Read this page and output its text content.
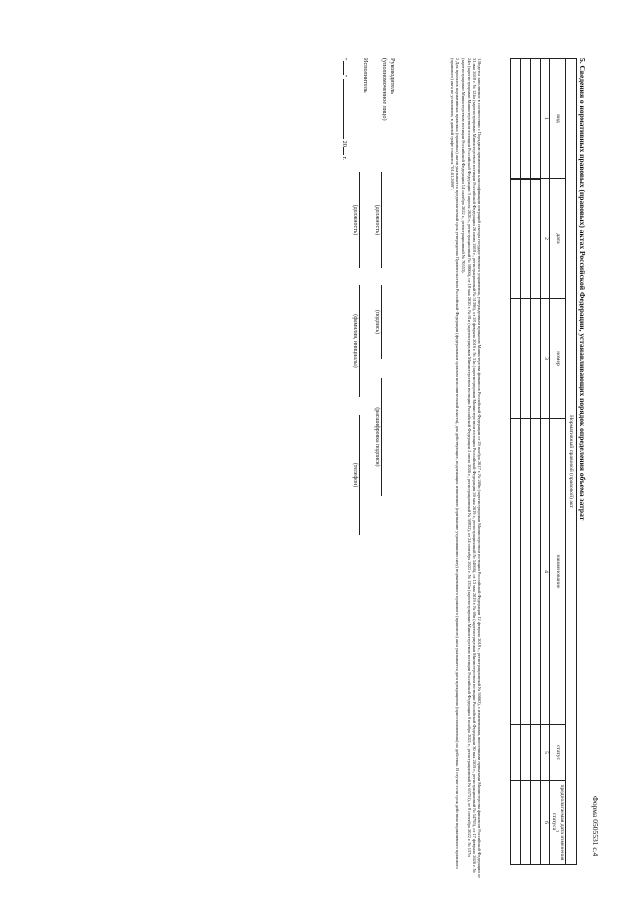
Форма 0505531 с.4
5. Сведения о нормативных правовых (правовых) актах Российской Федерации, устанавливающих порядок определения объема затрат
Нормативный правовой (правовой) акт					
вид	дата	номер	наименование	статус	предполагаемая дата изменения статуса$^3$
1	2	3	4	5	6

1 Ведется заполнение в соответствии с Порядком применения классификации операций сектора государственного управления, утвержденным приказом Министерства финансов Российской Федерации от 29 ноября 2017 г. № 209н (зарегистрирован Министерством юстиции Российской Федерации 12 февраля 2018 г., регистрационный № 50003), с изменениями, внесенными приказами Министерства финансов Российской Федерации от 31 мая 2018 г. № 124н (зарегистрирован Министерством юстиции Российской Федерации 20 июня 2018 г., регистрационный № 51396), от 28 февраля 2019 г. № 31н (зарегистрирован Министерством юстиции Российской Федерации 20 мая 2019 г., регистрационный № 54666), от 13 мая 2019 г. № 69н (зарегистрирован Министерством юстиции Российской Федерации 30 мая 2019 г., регистрационный № 54795), от 17 февраля 2020 г. № 24н (зарегистрирован Министерством юстиции Российской Федерации 3 апреля 2020 г., регистрационный № 58000), от 18 мая 2020 г. № 81н (зарегистрирован Министерством юстиции Российской Федерации 2 июля 2020 г., регистрационный № 58832), от 24 сентября 2021 г. № 135н (зарегистрирован Министерством юстиции Российской Федерации 9 ноября 2021 г., регистрационный № 65751), от 8 сентября 2022 г. № 137н (зарегистрирован Министерством юстиции Российской Федерации 14 октября 2022 г., регистрационный № 70553).

2 Для проектов нормативных правовых (правовых) актов указывается предполагаемый срок утверждения Правительством Российской Федерации (федеральным органом исполнительной власти), для действующих, подлежащих изменению (признанию утратившими силу) нормативного правового (правового) акта указывается дата прекращения (приостановления) их действия. В случае если срок действия нормативного правового (правового) акта не установлен, в данной графе ставится "01.01.2099".

Руководитель
(уполномоченное лицо)
(должность)
(подпись)
(расшифровка подписи)
Исполнитель
(должность)
(фамилия, инициалы)
(телефон)
""  20 г.
